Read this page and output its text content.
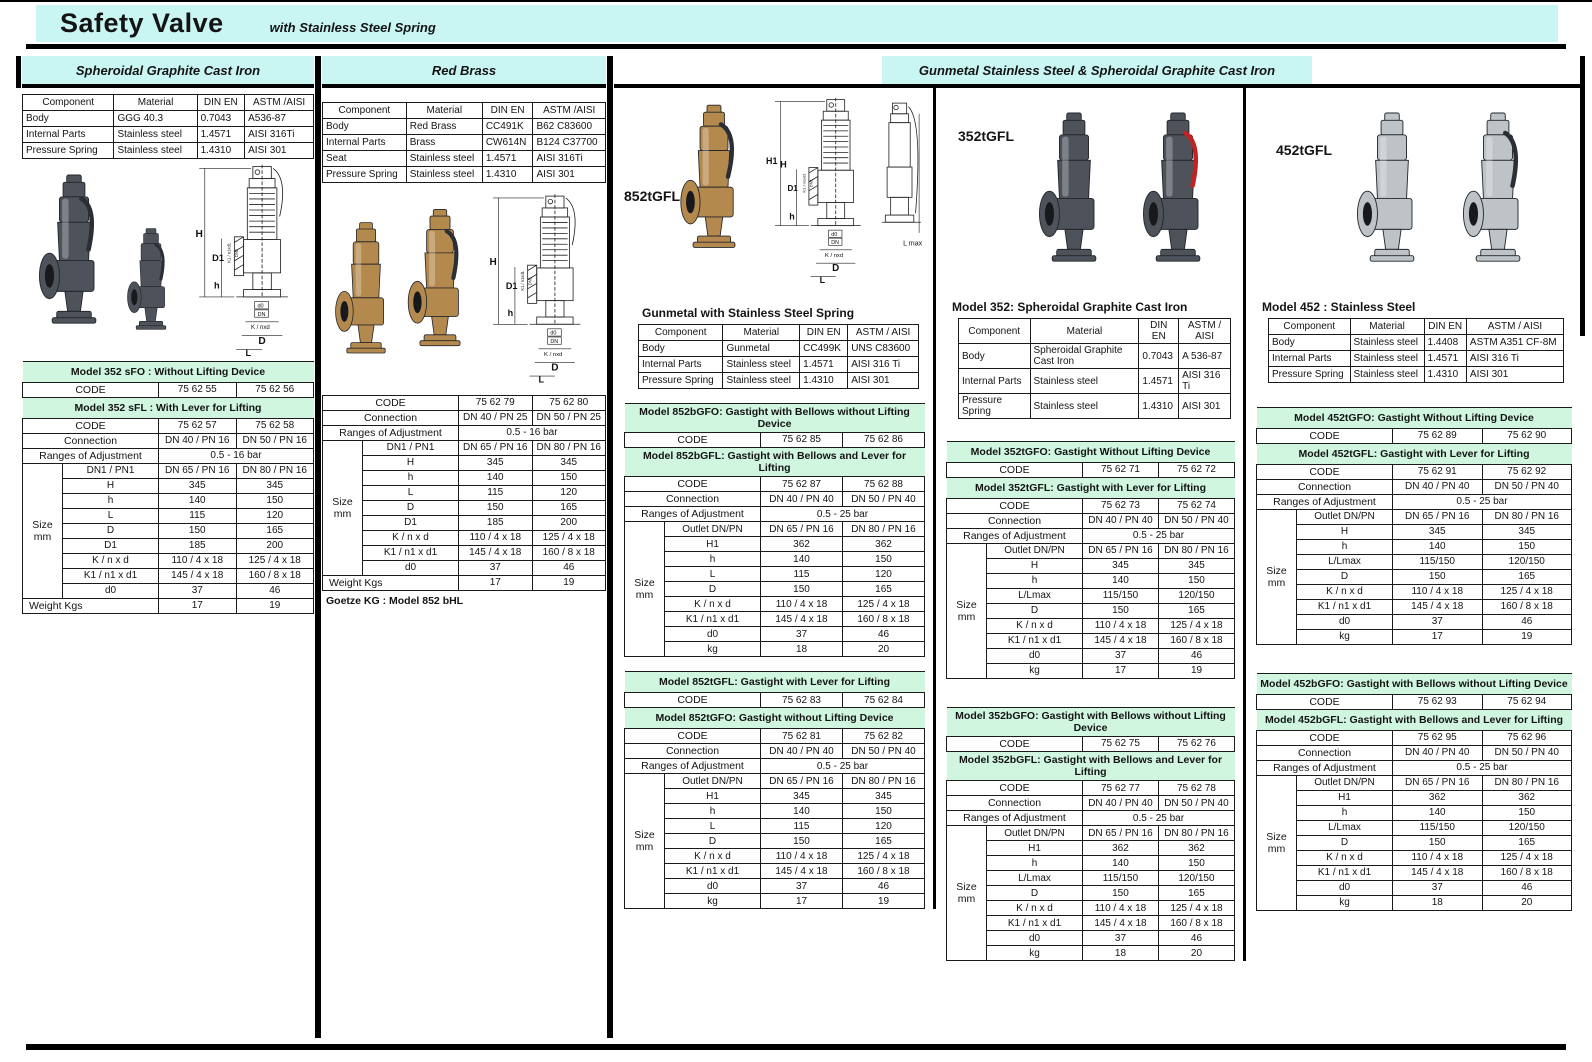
Safety Valve	with Stainless Steel Spring
Spheroidal Graphite Cast Iron
Component	Material	DIN EN	ASTM /AISI
Body	GGG 40.3	0.7043	A536-87
Internal Parts	Stainless steel	1.4571	AISI 316Ti
Pressure Spring	Stainless steel	1.4310	AISI 301
H
D1
h
K1 / n1xd1 DN1
d0
DN
K / nxd
D
L
Model 352 sFO : Without Lifting Device			
CODE		75 62 55	75 62 56
Model 352 sFL : With Lever for Lifting			
CODE		75 62 57	75 62 58
Connection		DN 40 / PN 16	DN 50 / PN 16
Ranges of Adjustment		0.5 - 16 bar	
Size mm	DN1 / PN1	DN 65 / PN 16	DN 80 / PN 16
	H	345	345
	h	140	150
	L	115	120
	D	150	165
	D1	185	200
	K / n x d	110 / 4 x 18	125 / 4 x 18
	K1 / n1 x d1	145 / 4 x 18	160 / 8 x 18
	d0	37	46
Weight Kgs		17	19
Red Brass
Component	Material	DIN EN	ASTM /AISI
Body	Red Brass	CC491K	B62 C83600
Internal Parts	Brass	CW614N	B124 C37700
Seat	Stainless steel	1.4571	AISI 316Ti
Pressure Spring	Stainless steel	1.4310	AISI 301
H
D1
h
K1 / n1xd1 DN1
d0
DN
K / nxd
D
L
CODE		75 62 79	75 62 80
Connection		DN 40 / PN 25	DN 50 / PN 25
Ranges of Adjustment		0.5 - 16 bar	
Size mm	DN1 / PN1	DN 65 / PN 16	DN 80 / PN 16
	H	345	345
	h	140	150
	L	115	120
	D	150	165
	D1	185	200
	K / n x d	110 / 4 x 18	125 / 4 x 18
	K1 / n1 x d1	145 / 4 x 18	160 / 8 x 18
	d0	37	46
Weight Kgs		17	19
Goetze KG : Model 852 bHL
Gunmetal Stainless Steel & Spheroidal Graphite Cast Iron
852tGFL
H1 H
D1
h
K1 / n1xd1 DN1
d0
DN
K / nxd
D
L
L max
Gunmetal with Stainless Steel Spring
Component	Material	DIN EN	ASTM / AISI
Body	Gunmetal	CC499K	UNS C83600
Internal Parts	Stainless steel	1.4571	AISI 316 Ti
Pressure Spring	Stainless steel	1.4310	AISI 301
Model 852bGFO: Gastight with Bellows without Lifting Device			
CODE		75 62 85	75 62 86
Model 852bGFL: Gastight with Bellows and Lever for Lifting			
CODE		75 62 87	75 62 88
Connection		DN 40 / PN 40	DN 50 / PN 40
Ranges of Adjustment		0.5 - 25 bar	
Size mm	Outlet DN/PN	DN 65 / PN 16	DN 80 / PN 16
	H1	362	362
	h	140	150
	L	115	120
	D	150	165
	K / n x d	110 / 4 x 18	125 / 4 x 18
	K1 / n1 x d1	145 / 4 x 18	160 / 8 x 18
	d0	37	46
	kg	18	20
Model 852tGFL: Gastight with Lever for Lifting			
CODE		75 62 83	75 62 84
Model 852tGFO: Gastight without Lifting Device			
CODE		75 62 81	75 62 82
Connection		DN 40 / PN 40	DN 50 / PN 40
Ranges of Adjustment		0.5 - 25 bar	
Size mm	Outlet DN/PN	DN 65 / PN 16	DN 80 / PN 16
	H1	345	345
	h	140	150
	L	115	120
	D	150	165
	K / n x d	110 / 4 x 18	125 / 4 x 18
	K1 / n1 x d1	145 / 4 x 18	160 / 8 x 18
	d0	37	46
	kg	17	19
352tGFL
Model 352: Spheroidal Graphite Cast Iron
Component	Material	DIN EN	ASTM / AISI
Body	Spheroidal Graphite Cast Iron	0.7043	A 536-87
Internal Parts	Stainless steel	1.4571	AISI 316 Ti
Pressure Spring	Stainless steel	1.4310	AISI 301
Model 352tGFO: Gastight Without Lifting Device			
CODE		75 62 71	75 62 72
Model 352tGFL: Gastight with Lever for Lifting			
CODE		75 62 73	75 62 74
Connection		DN 40 / PN 40	DN 50 / PN 40
Ranges of Adjustment		0.5 - 25 bar	
Size mm	Outlet DN/PN	DN 65 / PN 16	DN 80 / PN 16
	H	345	345
	h	140	150
	L/Lmax	115/150	120/150
	D	150	165
	K / n x d	110 / 4 x 18	125 / 4 x 18
	K1 / n1 x d1	145 / 4 x 18	160 / 8 x 18
	d0	37	46
	kg	17	19
Model 352bGFO: Gastight with Bellows without Lifting Device			
CODE		75 62 75	75 62 76
Model 352bGFL: Gastight with Bellows and Lever for Lifting			
CODE		75 62 77	75 62 78
Connection		DN 40 / PN 40	DN 50 / PN 40
Ranges of Adjustment		0.5 - 25 bar	
Size mm	Outlet DN/PN	DN 65 / PN 16	DN 80 / PN 16
	H1	362	362
	h	140	150
	L/Lmax	115/150	120/150
	D	150	165
	K / n x d	110 / 4 x 18	125 / 4 x 18
	K1 / n1 x d1	145 / 4 x 18	160 / 8 x 18
	d0	37	46
	kg	18	20
452tGFL
Model 452 : Stainless Steel
Component	Material	DIN EN	ASTM / AISI
Body	Stainless steel	1.4408	ASTM A351 CF-8M
Internal Parts	Stainless steel	1.4571	AISI 316 Ti
Pressure Spring	Stainless steel	1.4310	AISI 301
Model 452tGFO: Gastight Without Lifting Device			
CODE		75 62 89	75 62 90
Model 452tGFL: Gastight with Lever for Lifting			
CODE		75 62 91	75 62 92
Connection		DN 40 / PN 40	DN 50 / PN 40
Ranges of Adjustment		0.5 - 25 bar	
Size mm	Outlet DN/PN	DN 65 / PN 16	DN 80 / PN 16
	H	345	345
	h	140	150
	L/Lmax	115/150	120/150
	D	150	165
	K / n x d	110 / 4 x 18	125 / 4 x 18
	K1 / n1 x d1	145 / 4 x 18	160 / 8 x 18
	d0	37	46
	kg	17	19
Model 452bGFO: Gastight with Bellows without Lifting Device			
CODE		75 62 93	75 62 94
Model 452bGFL: Gastight with Bellows and Lever for Lifting			
CODE		75 62 95	75 62 96
Connection		DN 40 / PN 40	DN 50 / PN 40
Ranges of Adjustment		0.5 - 25 bar	
Size mm	Outlet DN/PN	DN 65 / PN 16	DN 80 / PN 16
	H1	362	362
	h	140	150
	L/Lmax	115/150	120/150
	D	150	165
	K / n x d	110 / 4 x 18	125 / 4 x 18
	K1 / n1 x d1	145 / 4 x 18	160 / 8 x 18
	d0	37	46
	kg	18	20
